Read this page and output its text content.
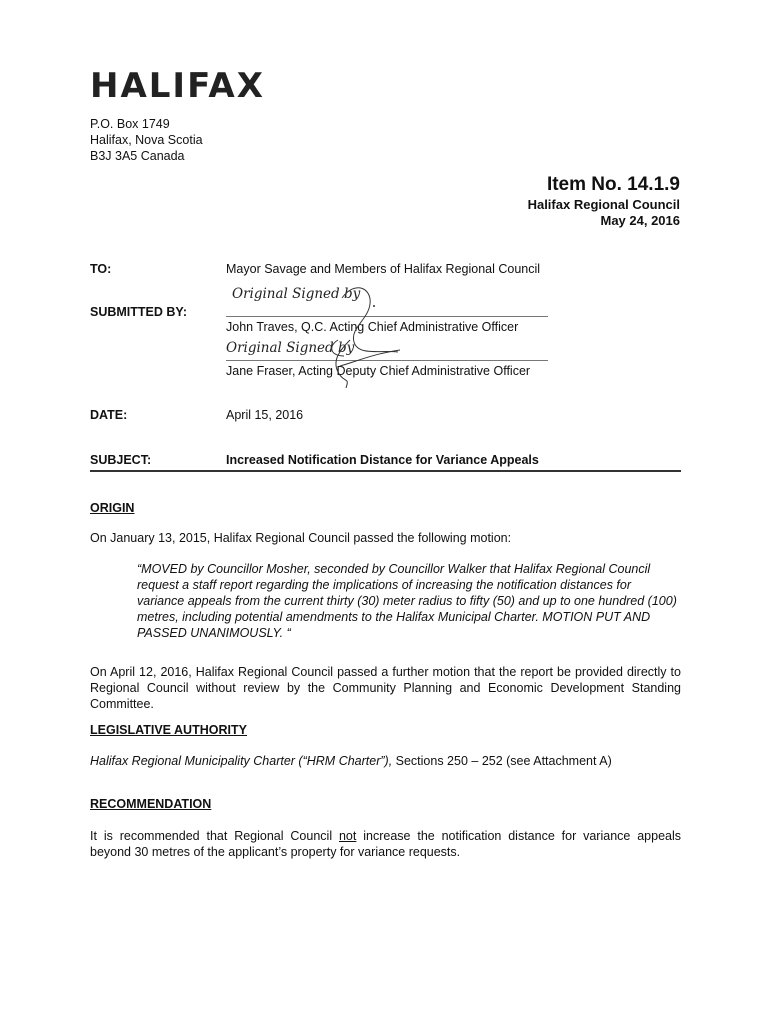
HALIFAX
P.O. Box 1749
Halifax, Nova Scotia
B3J 3A5 Canada
Item No. 14.1.9
Halifax Regional Council
May 24, 2016
TO:	Mayor Savage and Members of Halifax Regional Council
SUBMITTED BY:
Original Signed by
John Traves, Q.C. Acting Chief Administrative Officer
Original Signed by
Jane Fraser, Acting Deputy Chief Administrative Officer
DATE:	April 15, 2016
SUBJECT:	Increased Notification Distance for Variance Appeals
ORIGIN
On January 13, 2015, Halifax Regional Council passed the following motion:
“MOVED by Councillor Mosher, seconded by Councillor Walker that Halifax Regional Council
request a staff report regarding the implications of increasing the notification distances for
variance appeals from the current thirty (30) meter radius to fifty (50) and up to one hundred (100)
metres, including potential amendments to the Halifax Municipal Charter. MOTION PUT AND
PASSED UNANIMOUSLY. “
On April 12, 2016, Halifax Regional Council passed a further motion that the report be provided directly to Regional Council without review by the Community Planning and Economic Development Standing Committee.
LEGISLATIVE AUTHORITY
Halifax Regional Municipality Charter (“HRM Charter”), Sections 250 – 252 (see Attachment A)
RECOMMENDATION
It is recommended that Regional Council not increase the notification distance for variance appeals beyond 30 metres of the applicant’s property for variance requests.
